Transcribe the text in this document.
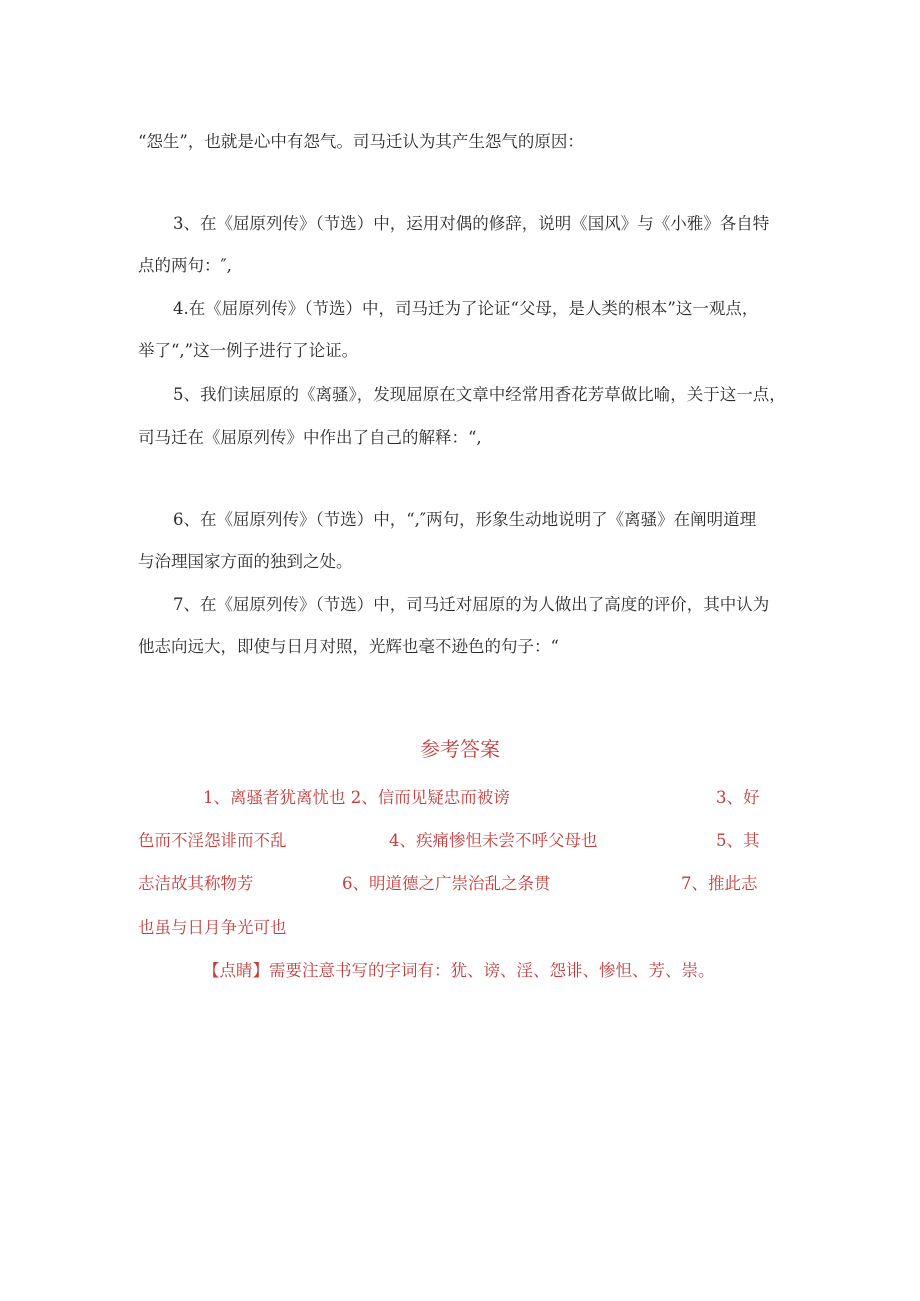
“怨生”，也就是心中有怨气。司马迁认为其产生怨气的原因：
3、在《屈原列传》（节选）中，运用对偶的修辞，说明《国风》与《小雅》各自特
点的两句：″,
4.在《屈原列传》（节选）中，司马迁为了论证“父母，是人类的根本”这一观点，
举了“,”这一例子进行了论证。
5、我们读屈原的《离骚》，发现屈原在文章中经常用香花芳草做比喻，关于这一点，
司马迁在《屈原列传》中作出了自己的解释：“,
6、在《屈原列传》（节选）中，“,″两句，形象生动地说明了《离骚》在阐明道理
与治理国家方面的独到之处。
7、在《屈原列传》（节选）中，司马迁对屈原的为人做出了高度的评价，其中认为
他志向远大，即使与日月对照，光辉也毫不逊色的句子：“
参考答案
1、离骚者犹离忧也 2、信而见疑忠而被谤	3、好
色而不淫怨诽而不乱	4、疾痛惨怛未尝不呼父母也	5、其
志洁故其称物芳	6、明道德之广崇治乱之条贯	7、推此志
也虽与日月争光可也
【点睛】需要注意书写的字词有：犹、谤、淫、怨诽、惨怛、芳、崇。
